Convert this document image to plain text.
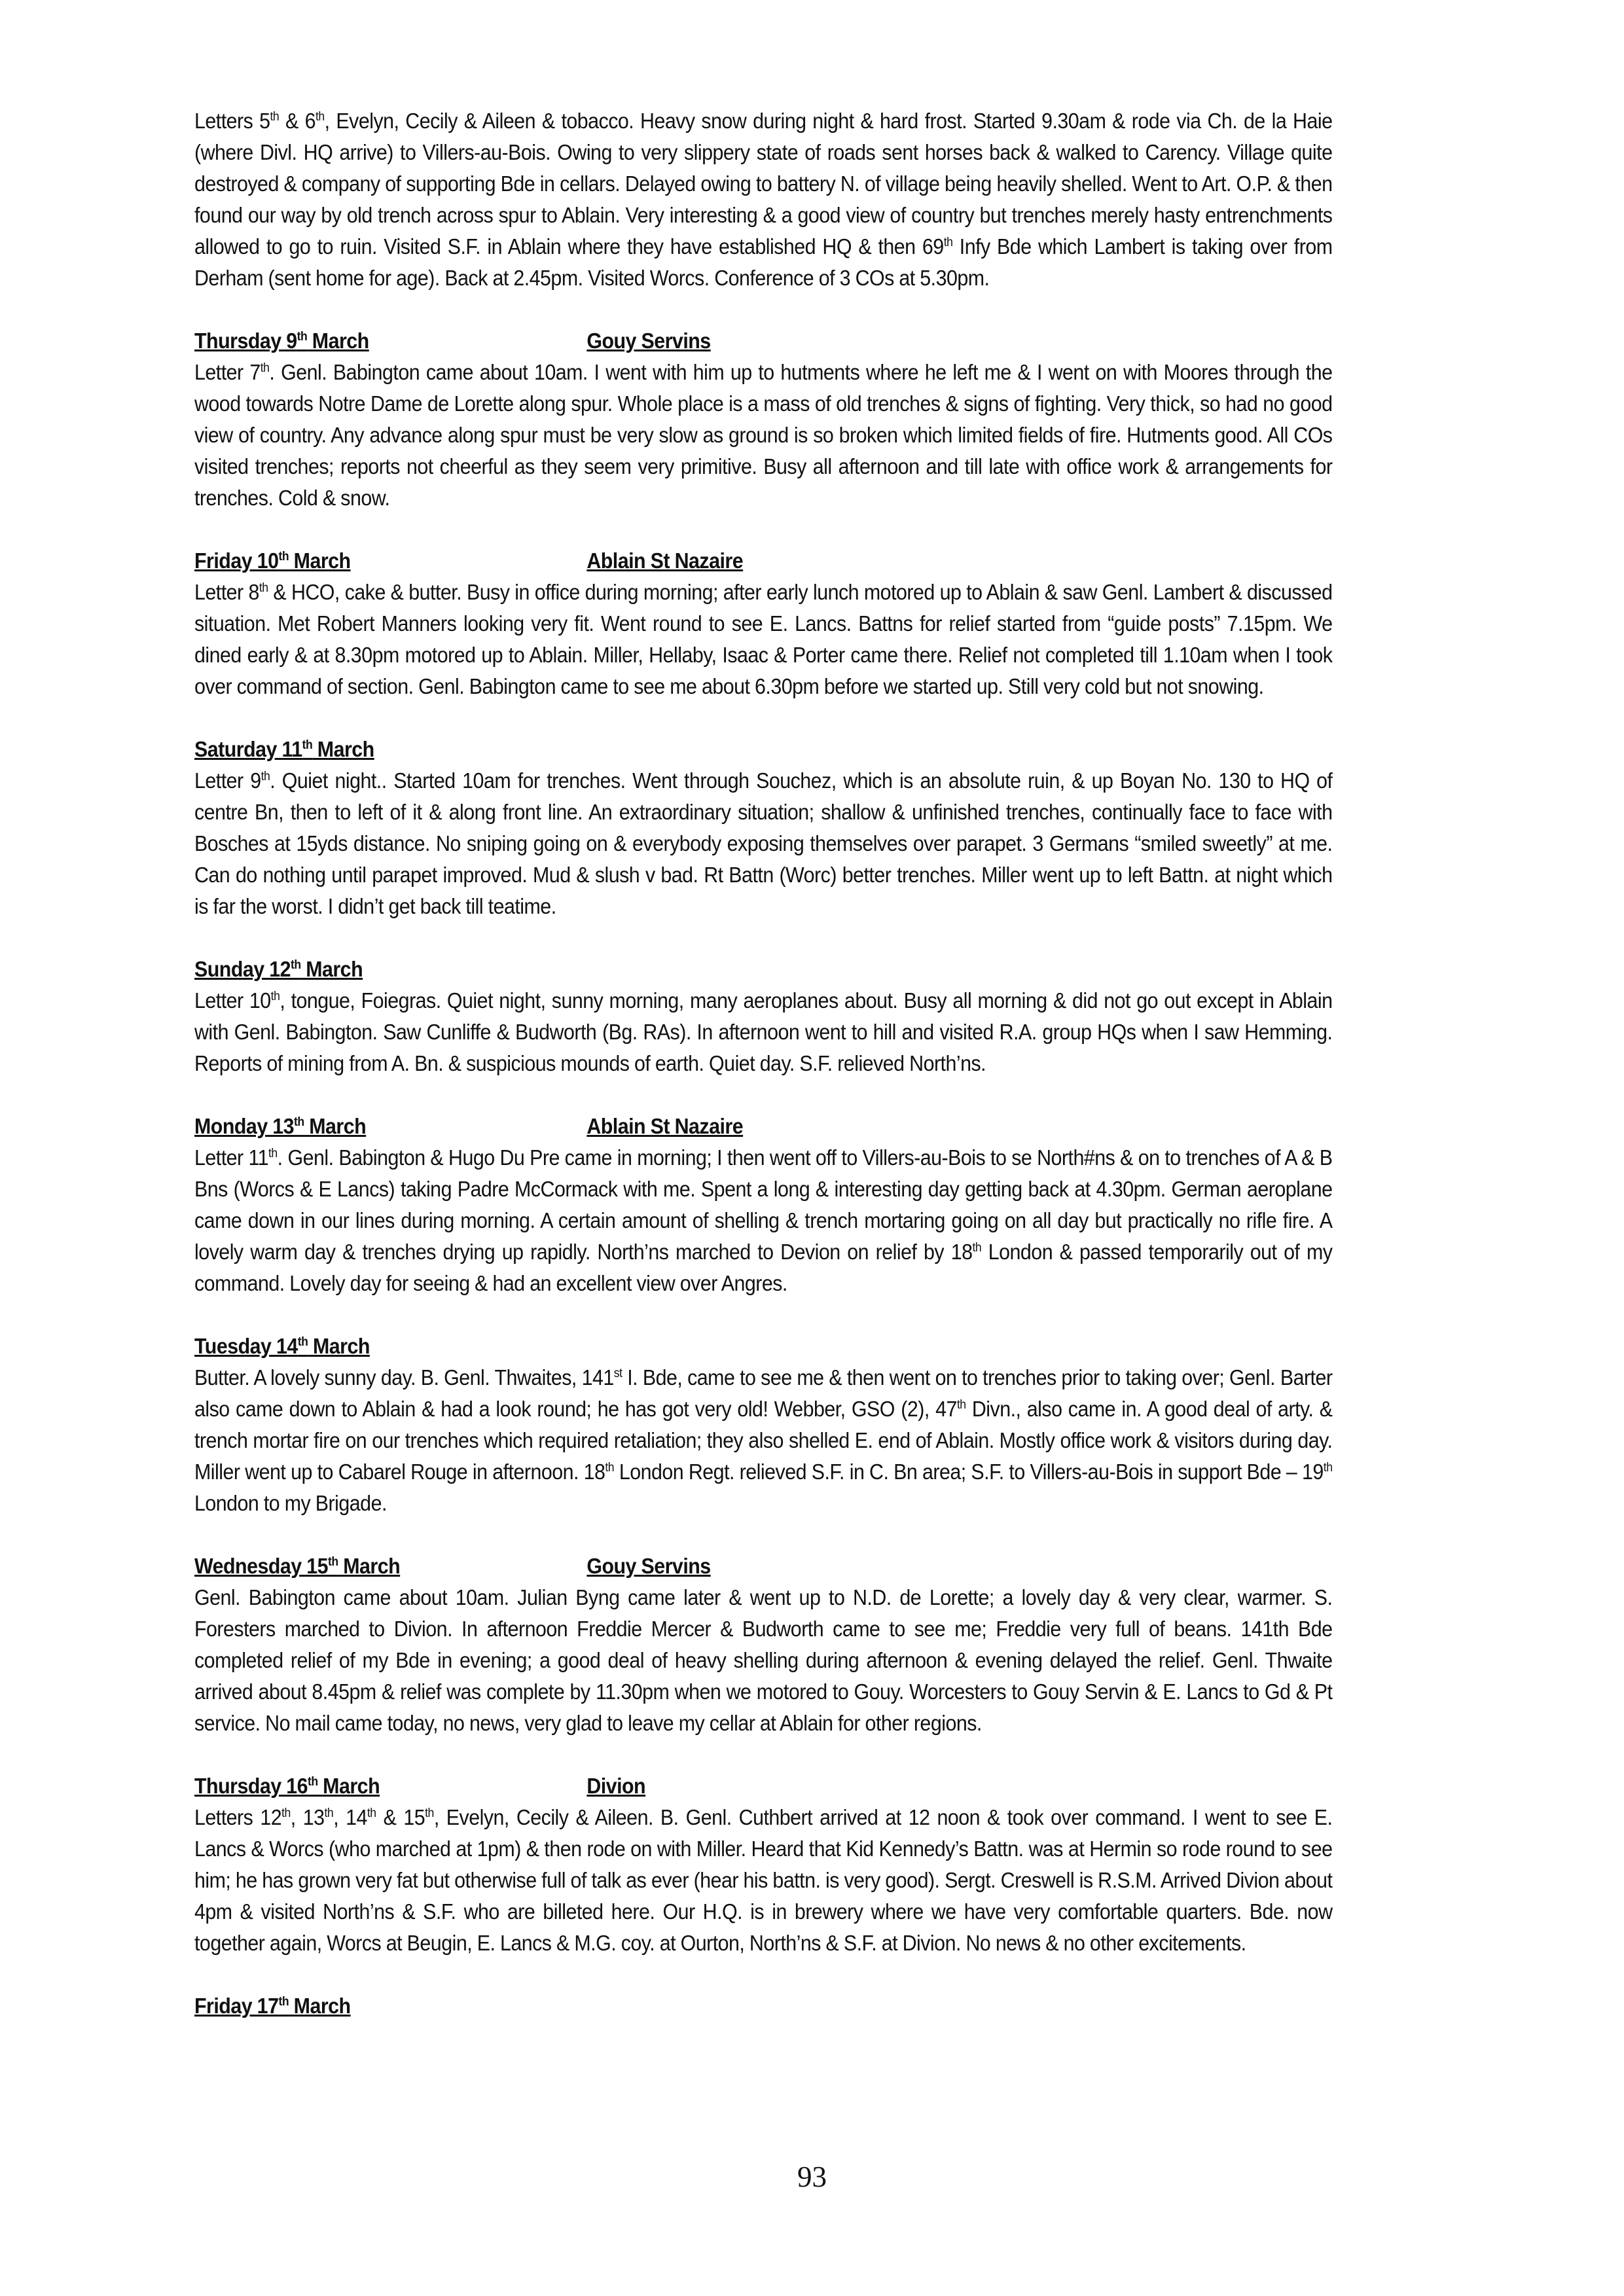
Letters 5th & 6th, Evelyn, Cecily & Aileen & tobacco. Heavy snow during night & hard frost. Started 9.30am & rode via Ch. de la Haie (where Divl. HQ arrive) to Villers-au-Bois. Owing to very slippery state of roads sent horses back & walked to Carency. Village quite destroyed & company of supporting Bde in cellars. Delayed owing to battery N. of village being heavily shelled. Went to Art. O.P. & then found our way by old trench across spur to Ablain. Very interesting & a good view of country but trenches merely hasty entrenchments allowed to go to ruin. Visited S.F. in Ablain where they have established HQ & then 69th Infy Bde which Lambert is taking over from Derham (sent home for age). Back at 2.45pm. Visited Worcs. Conference of 3 COs at 5.30pm.

Thursday 9th March	Gouy Servins

Letter 7th. Genl. Babington came about 10am. I went with him up to hutments where he left me & I went on with Moores through the wood towards Notre Dame de Lorette along spur. Whole place is a mass of old trenches & signs of fighting. Very thick, so had no good view of country. Any advance along spur must be very slow as ground is so broken which limited fields of fire. Hutments good. All COs visited trenches; reports not cheerful as they seem very primitive. Busy all afternoon and till late with office work & arrangements for trenches. Cold & snow.

Friday 10th March	Ablain St Nazaire

Letter 8th & HCO, cake & butter. Busy in office during morning; after early lunch motored up to Ablain & saw Genl. Lambert & discussed situation. Met Robert Manners looking very fit. Went round to see E. Lancs. Battns for relief started from “guide posts” 7.15pm. We dined early & at 8.30pm motored up to Ablain. Miller, Hellaby, Isaac & Porter came there. Relief not completed till 1.10am when I took over command of section. Genl. Babington came to see me about 6.30pm before we started up. Still very cold but not snowing.

Saturday 11th March

Letter 9th. Quiet night.. Started 10am for trenches. Went through Souchez, which is an absolute ruin, & up Boyan No. 130 to HQ of centre Bn, then to left of it & along front line. An extraordinary situation; shallow & unfinished trenches, continually face to face with Bosches at 15yds distance. No sniping going on & everybody exposing themselves over parapet. 3 Germans “smiled sweetly” at me. Can do nothing until parapet improved. Mud & slush v bad. Rt Battn (Worc) better trenches. Miller went up to left Battn. at night which is far the worst. I didn’t get back till teatime.

Sunday 12th March

Letter 10th, tongue, Foiegras. Quiet night, sunny morning, many aeroplanes about. Busy all morning & did not go out except in Ablain with Genl. Babington. Saw Cunliffe & Budworth (Bg. RAs). In afternoon went to hill and visited R.A. group HQs when I saw Hemming. Reports of mining from A. Bn. & suspicious mounds of earth. Quiet day. S.F. relieved North’ns.

Monday 13th March	Ablain St Nazaire

Letter 11th. Genl. Babington & Hugo Du Pre came in morning; I then went off to Villers-au-Bois to se North#ns & on to trenches of A & B Bns (Worcs & E Lancs) taking Padre McCormack with me. Spent a long & interesting day getting back at 4.30pm. German aeroplane came down in our lines during morning. A certain amount of shelling & trench mortaring going on all day but practically no rifle fire. A lovely warm day & trenches drying up rapidly. North’ns marched to Devion on relief by 18th London & passed temporarily out of my command. Lovely day for seeing & had an excellent view over Angres.

Tuesday 14th March

Butter. A lovely sunny day. B. Genl. Thwaites, 141st I. Bde, came to see me & then went on to trenches prior to taking over; Genl. Barter also came down to Ablain & had a look round; he has got very old! Webber, GSO (2), 47th Divn., also came in. A good deal of arty. & trench mortar fire on our trenches which required retaliation; they also shelled E. end of Ablain. Mostly office work & visitors during day. Miller went up to Cabarel Rouge in afternoon. 18th London Regt. relieved S.F. in C. Bn area; S.F. to Villers-au-Bois in support Bde – 19th London to my Brigade.

Wednesday 15th March	Gouy Servins

Genl. Babington came about 10am. Julian Byng came later & went up to N.D. de Lorette; a lovely day & very clear, warmer. S. Foresters marched to Divion. In afternoon Freddie Mercer & Budworth came to see me; Freddie very full of beans. 141th Bde completed relief of my Bde in evening; a good deal of heavy shelling during afternoon & evening delayed the relief. Genl. Thwaite arrived about 8.45pm & relief was complete by 11.30pm when we motored to Gouy. Worcesters to Gouy Servin & E. Lancs to Gd & Pt service. No mail came today, no news, very glad to leave my cellar at Ablain for other regions.

Thursday 16th March	Divion

Letters 12th, 13th, 14th & 15th, Evelyn, Cecily & Aileen. B. Genl. Cuthbert arrived at 12 noon & took over command. I went to see E. Lancs & Worcs (who marched at 1pm) & then rode on with Miller. Heard that Kid Kennedy’s Battn. was at Hermin so rode round to see him; he has grown very fat but otherwise full of talk as ever (hear his battn. is very good). Sergt. Creswell is R.S.M. Arrived Divion about 4pm & visited North’ns & S.F. who are billeted here. Our H.Q. is in brewery where we have very comfortable quarters. Bde. now together again, Worcs at Beugin, E. Lancs & M.G. coy. at Ourton, North’ns & S.F. at Divion. No news & no other excitements.

Friday 17th March
93
